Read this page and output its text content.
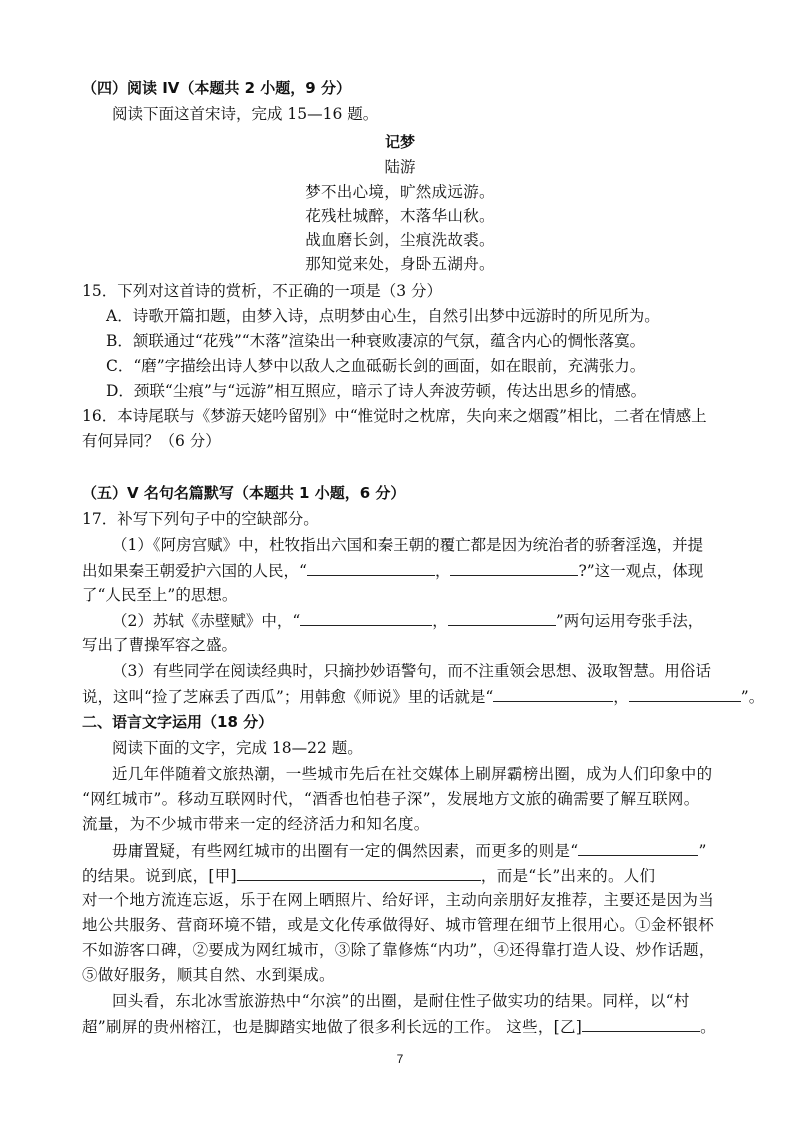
（四）阅读 IV（本题共 2 小题，9 分）
阅读下面这首宋诗，完成 15—16 题。
记梦
陆游
梦不出心境，旷然成远游。
花残杜城醉，木落华山秋。
战血磨长剑，尘痕洗故裘。
那知觉来处，身卧五湖舟。
15．下列对这首诗的赏析，不正确的一项是（3 分）
A．诗歌开篇扣题，由梦入诗，点明梦由心生，自然引出梦中远游时的所见所为。
B．颔联通过“花残”“木落”渲染出一种衰败凄凉的气氛，蕴含内心的惆怅落寞。
C．“磨”字描绘出诗人梦中以敌人之血砥砺长剑的画面，如在眼前，充满张力。
D．颈联“尘痕”与“远游”相互照应，暗示了诗人奔波劳顿，传达出思乡的情感。
16．本诗尾联与《梦游天姥吟留别》中“惟觉时之枕席，失向来之烟霞”相比，二者在情感上
有何异同？（6 分）
（五）V 名句名篇默写（本题共 1 小题，6 分）
17．补写下列句子中的空缺部分。
（1）《阿房宫赋》中，杜牧指出六国和秦王朝的覆亡都是因为统治者的骄奢淫逸，并提
出如果秦王朝爱护六国的人民，“	，	?”这一观点，体现
了“人民至上”的思想。
（2）苏轼《赤壁赋》中，“	，	”两句运用夸张手法，
写出了曹操军容之盛。
（3）有些同学在阅读经典时，只摘抄妙语警句，而不注重领会思想、汲取智慧。用俗话
说，这叫“捡了芝麻丢了西瓜”；用韩愈《师说》里的话就是“	，	”。
二、语言文字运用（18 分）
阅读下面的文字，完成 18—22 题。
近几年伴随着文旅热潮，一些城市先后在社交媒体上刷屏霸榜出圈，成为人们印象中的
“网红城市”。移动互联网时代，“酒香也怕巷子深”，发展地方文旅的确需要了解互联网。
流量，为不少城市带来一定的经济活力和知名度。
毋庸置疑，有些网红城市的出圈有一定的偶然因素，而更多的则是“	”
的结果。说到底，[甲]	，而是“长”出来的。人们
对一个地方流连忘返，乐于在网上晒照片、给好评，主动向亲朋好友推荐，主要还是因为当
地公共服务、营商环境不错，或是文化传承做得好、城市管理在细节上很用心。①金杯银杯
不如游客口碑，②要成为网红城市，③除了靠修炼“内功”，④还得靠打造人设、炒作话题，
⑤做好服务，顺其自然、水到渠成。
回头看，东北冰雪旅游热中“尔滨”的出圈，是耐住性子做实功的结果。同样，以“村
超”刷屏的贵州榕江，也是脚踏实地做了很多利长远的工作。 这些，[乙]	。
7
